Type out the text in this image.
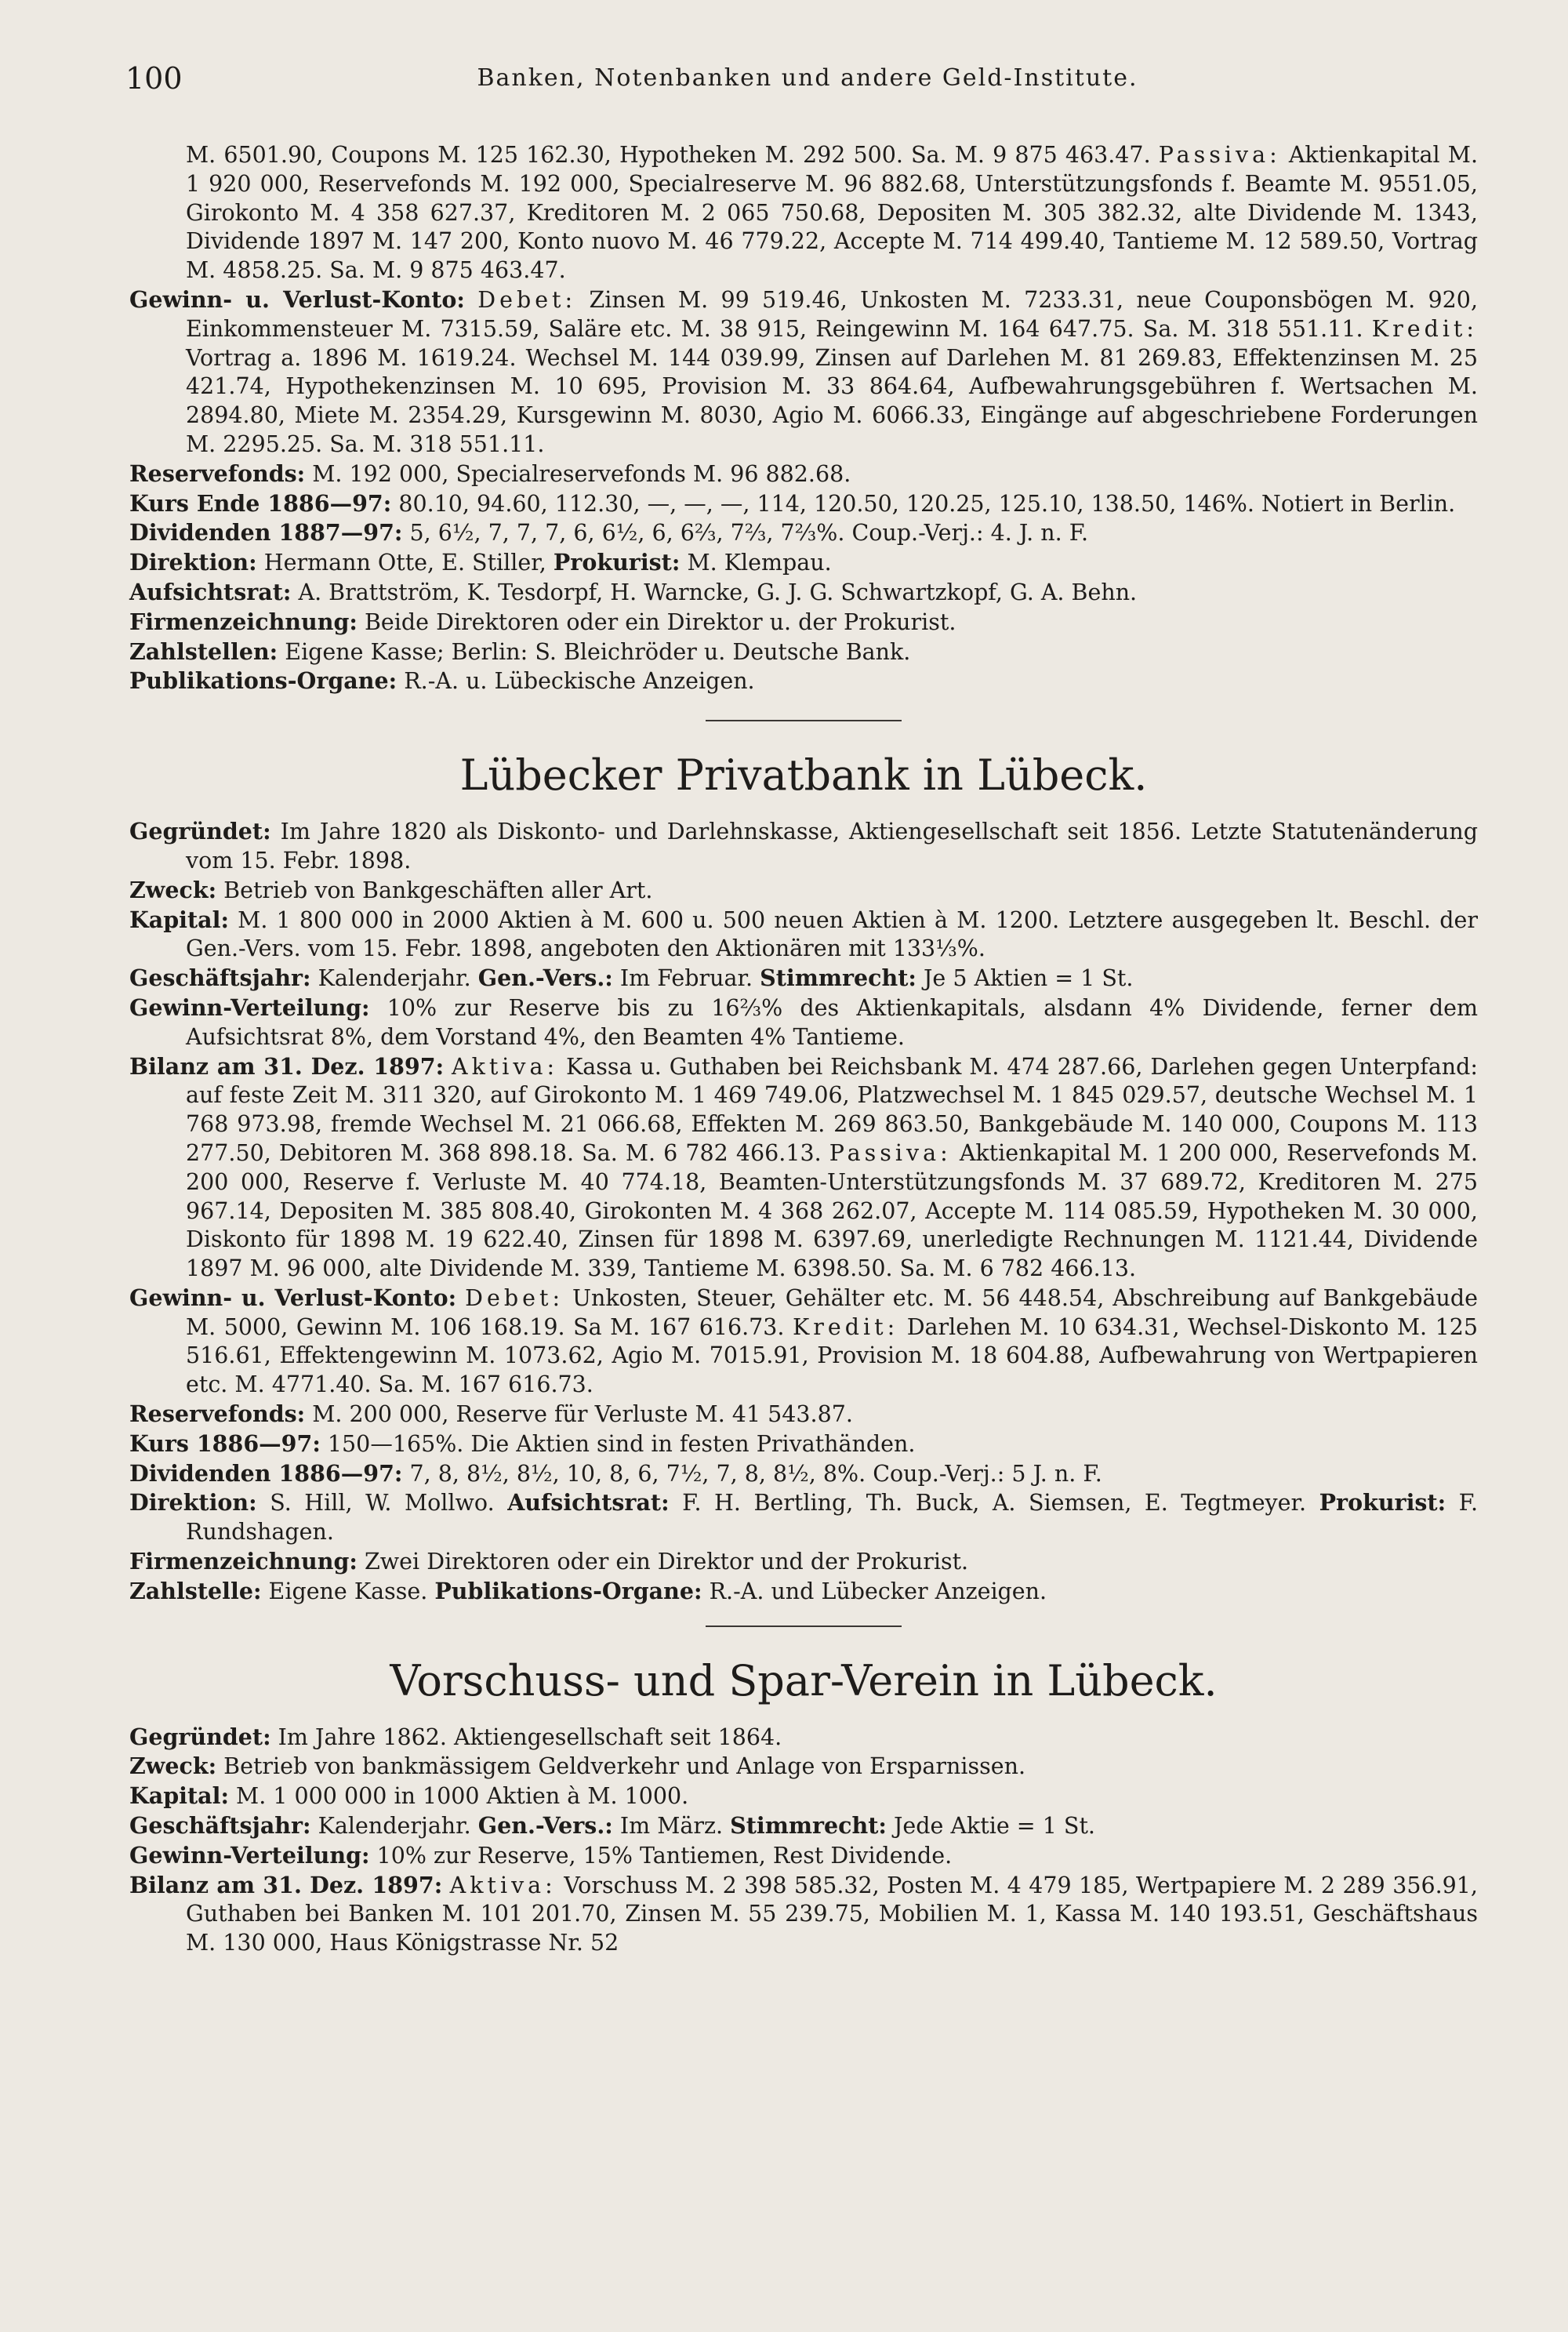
100	Banken, Notenbanken und andere Geld-Institute.

M. 6501.90, Coupons M. 125 162.30, Hypotheken M. 292 500. Sa. M. 9 875 463.47. Passiva: Aktienkapital M. 1 920 000, Reservefonds M. 192 000, Specialreserve M. 96 882.68, Unterstützungsfonds f. Beamte M. 9551.05, Girokonto M. 4 358 627.37, Kreditoren M. 2 065 750.68, Depositen M. 305 382.32, alte Dividende M. 1343, Dividende 1897 M. 147 200, Konto nuovo M. 46 779.22, Accepte M. 714 499.40, Tantieme M. 12 589.50, Vortrag M. 4858.25. Sa. M. 9 875 463.47.

Gewinn- u. Verlust-Konto: Debet: Zinsen M. 99 519.46, Unkosten M. 7233.31, neue Couponsbögen M. 920, Einkommensteuer M. 7315.59, Saläre etc. M. 38 915, Reingewinn M. 164 647.75. Sa. M. 318 551.11. Kredit: Vortrag a. 1896 M. 1619.24. Wechsel M. 144 039.99, Zinsen auf Darlehen M. 81 269.83, Effektenzinsen M. 25 421.74, Hypothekenzinsen M. 10 695, Provision M. 33 864.64, Aufbewahrungsgebühren f. Wertsachen M. 2894.80, Miete M. 2354.29, Kursgewinn M. 8030, Agio M. 6066.33, Eingänge auf abgeschriebene Forderungen M. 2295.25. Sa. M. 318 551.11.

Reservefonds: M. 192 000, Specialreservefonds M. 96 882.68.

Kurs Ende 1886—97: 80.10, 94.60, 112.30, —, —, —, 114, 120.50, 120.25, 125.10, 138.50, 146%. Notiert in Berlin.

Dividenden 1887—97: 5, 6½, 7, 7, 7, 6, 6½, 6, 6⅔, 7⅔, 7⅔%. Coup.-Verj.: 4. J. n. F.

Direktion: Hermann Otte, E. Stiller, Prokurist: M. Klempau.

Aufsichtsrat: A. Brattström, K. Tesdorpf, H. Warncke, G. J. G. Schwartzkopf, G. A. Behn.

Firmenzeichnung: Beide Direktoren oder ein Direktor u. der Prokurist.

Zahlstellen: Eigene Kasse; Berlin: S. Bleichröder u. Deutsche Bank.

Publikations-Organe: R.-A. u. Lübeckische Anzeigen.

Lübecker Privatbank in Lübeck.

Gegründet: Im Jahre 1820 als Diskonto- und Darlehnskasse, Aktiengesellschaft seit 1856. Letzte Statutenänderung vom 15. Febr. 1898.

Zweck: Betrieb von Bankgeschäften aller Art.

Kapital: M. 1 800 000 in 2000 Aktien à M. 600 u. 500 neuen Aktien à M. 1200. Letztere ausgegeben lt. Beschl. der Gen.-Vers. vom 15. Febr. 1898, angeboten den Aktionären mit 133⅓%.

Geschäftsjahr: Kalenderjahr. Gen.-Vers.: Im Februar. Stimmrecht: Je 5 Aktien = 1 St.

Gewinn-Verteilung: 10% zur Reserve bis zu 16⅔% des Aktienkapitals, alsdann 4% Dividende, ferner dem Aufsichtsrat 8%, dem Vorstand 4%, den Beamten 4% Tantieme.

Bilanz am 31. Dez. 1897: Aktiva: Kassa u. Guthaben bei Reichsbank M. 474 287.66, Darlehen gegen Unterpfand: auf feste Zeit M. 311 320, auf Girokonto M. 1 469 749.06, Platzwechsel M. 1 845 029.57, deutsche Wechsel M. 1 768 973.98, fremde Wechsel M. 21 066.68, Effekten M. 269 863.50, Bankgebäude M. 140 000, Coupons M. 113 277.50, Debitoren M. 368 898.18. Sa. M. 6 782 466.13. Passiva: Aktienkapital M. 1 200 000, Reservefonds M. 200 000, Reserve f. Verluste M. 40 774.18, Beamten-Unterstützungsfonds M. 37 689.72, Kreditoren M. 275 967.14, Depositen M. 385 808.40, Girokonten M. 4 368 262.07, Accepte M. 114 085.59, Hypotheken M. 30 000, Diskonto für 1898 M. 19 622.40, Zinsen für 1898 M. 6397.69, unerledigte Rechnungen M. 1121.44, Dividende 1897 M. 96 000, alte Dividende M. 339, Tantieme M. 6398.50. Sa. M. 6 782 466.13.

Gewinn- u. Verlust-Konto: Debet: Unkosten, Steuer, Gehälter etc. M. 56 448.54, Abschreibung auf Bankgebäude M. 5000, Gewinn M. 106 168.19. Sa M. 167 616.73. Kredit: Darlehen M. 10 634.31, Wechsel-Diskonto M. 125 516.61, Effektengewinn M. 1073.62, Agio M. 7015.91, Provision M. 18 604.88, Aufbewahrung von Wertpapieren etc. M. 4771.40. Sa. M. 167 616.73.

Reservefonds: M. 200 000, Reserve für Verluste M. 41 543.87.

Kurs 1886—97: 150—165%. Die Aktien sind in festen Privathänden.

Dividenden 1886—97: 7, 8, 8½, 8½, 10, 8, 6, 7½, 7, 8, 8½, 8%. Coup.-Verj.: 5 J. n. F.

Direktion: S. Hill, W. Mollwo. Aufsichtsrat: F. H. Bertling, Th. Buck, A. Siemsen, E. Tegtmeyer. Prokurist: F. Rundshagen.

Firmenzeichnung: Zwei Direktoren oder ein Direktor und der Prokurist.

Zahlstelle: Eigene Kasse. Publikations-Organe: R.-A. und Lübecker Anzeigen.

Vorschuss- und Spar-Verein in Lübeck.

Gegründet: Im Jahre 1862. Aktiengesellschaft seit 1864.

Zweck: Betrieb von bankmässigem Geldverkehr und Anlage von Ersparnissen.

Kapital: M. 1 000 000 in 1000 Aktien à M. 1000.

Geschäftsjahr: Kalenderjahr. Gen.-Vers.: Im März. Stimmrecht: Jede Aktie = 1 St.

Gewinn-Verteilung: 10% zur Reserve, 15% Tantiemen, Rest Dividende.

Bilanz am 31. Dez. 1897: Aktiva: Vorschuss M. 2 398 585.32, Posten M. 4 479 185, Wertpapiere M. 2 289 356.91, Guthaben bei Banken M. 101 201.70, Zinsen M. 55 239.75, Mobilien M. 1, Kassa M. 140 193.51, Geschäftshaus M. 130 000, Haus Königstrasse Nr. 52
